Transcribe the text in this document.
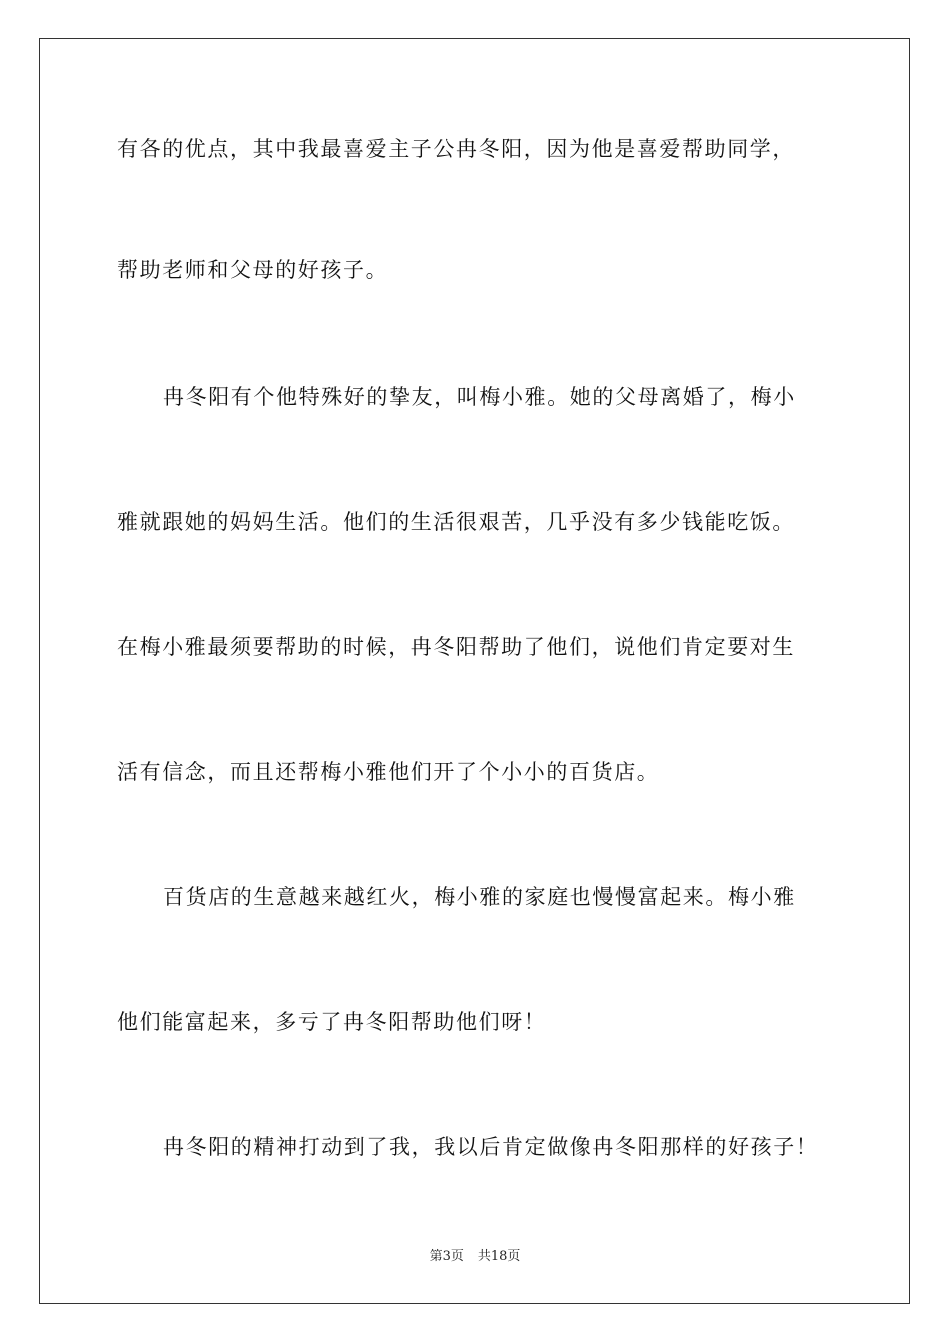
有各的优点，其中我最喜爱主子公冉冬阳，因为他是喜爱帮助同学，
帮助老师和父母的好孩子。
冉冬阳有个他特殊好的挚友，叫梅小雅。她的父母离婚了，梅小
雅就跟她的妈妈生活。他们的生活很艰苦，几乎没有多少钱能吃饭。
在梅小雅最须要帮助的时候，冉冬阳帮助了他们，说他们肯定要对生
活有信念，而且还帮梅小雅他们开了个小小的百货店。
百货店的生意越来越红火，梅小雅的家庭也慢慢富起来。梅小雅
他们能富起来，多亏了冉冬阳帮助他们呀！
冉冬阳的精神打动到了我，我以后肯定做像冉冬阳那样的好孩子！
第3页 共18页
